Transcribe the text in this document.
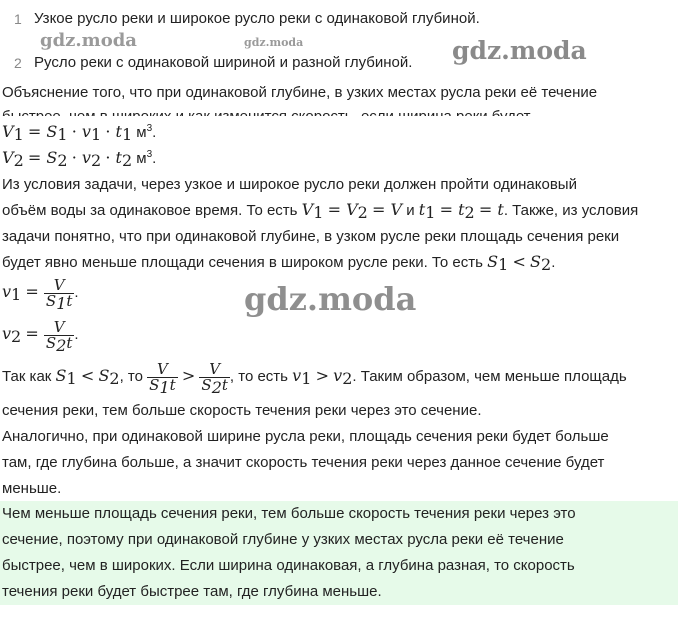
1 Узкое русло реки и широкое русло реки с одинаковой глубиной.
2 Русло реки с одинаковой шириной и разной глубиной.
gdz.moda	gdz.moda	gdz.moda
Объяснение того, что при одинаковой глубине, в узких местах русла реки её течение
быстрее, чем в широких и как изменится скорость, если ширина реки будет
$V_1 = S_1 \cdot v_1 \cdot t_1$ $м^3$.
$V_2 = S_2 \cdot v_2 \cdot t_2$ $м^3$.
Из условия задачи, через узкое и широкое русло реки должен пройти одинаковый
объём воды за одинаковое время. То есть $V_1 = V_2 = V$ и $t_1 = t_2 = t$. Также, из условия
задачи понятно, что при одинаковой глубине, в узком русле реки площадь сечения реки
будет явно меньше площади сечения в широком русле реки. То есть $S_1 < S_2$.
$v_1 = \frac{V}{S_1t}$ .	gdz.moda
$v_2 = \frac{V}{S_2t}$ .
Так как $S_1 < S_2$, то $\frac{V}{S_1t} > \frac{V}{S_2t}$ , то есть $v_1 > v_2$. Таким образом, чем меньше площадь
сечения реки, тем больше скорость течения реки через это сечение.
Аналогично, при одинаковой ширине русла реки, площадь сечения реки будет больше
там, где глубина больше, а значит скорость течения реки через данное сечение будет
меньше.
Чем меньше площадь сечения реки, тем больше скорость течения реки через это
сечение, поэтому при одинаковой глубине у узких местах русла реки её течение
быстрее, чем в широких. Если ширина одинаковая, а глубина разная, то скорость
течения реки будет быстрее там, где глубина меньше.
